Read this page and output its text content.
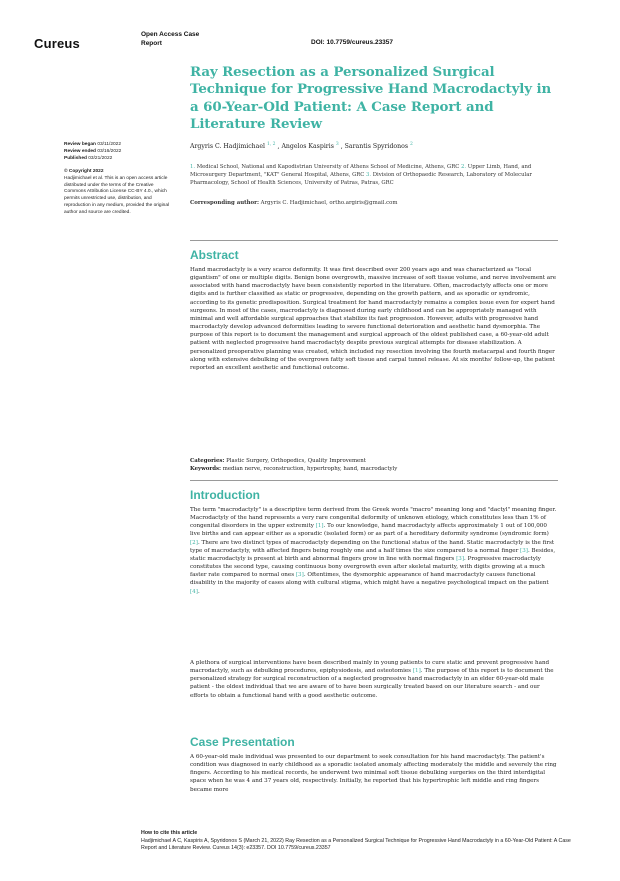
Cureus
Open Access Case
Report	DOI: 10.7759/cureus.23357
Review began 03/11/2022
Review ended 03/16/2022
Published 03/21/2022
© Copyright 2022
Hadjimichael et al. This is an open access article distributed under the terms of the Creative Commons Attribution License CC-BY 4.0., which permits unrestricted use, distribution, and reproduction in any medium, provided the original author and source are credited.
Ray Resection as a Personalized Surgical Technique for Progressive Hand Macrodactyly in a 60-Year-Old Patient: A Case Report and Literature Review
Argyris C. Hadjimichael $^{1, 2}$ , Angelos Kaspiris $^3$ , Sarantis Spyridonos $^2$
1. Medical School, National and Kapodistrian University of Athens School of Medicine, Athens, GRC 2. Upper Limb, Hand, and Microsurgery Department, "KAT" General Hospital, Athens, GRC 3. Division of Orthopaedic Research, Laboratory of Molecular Pharmacology, School of Health Sciences, University of Patras, Patras, GRC
Corresponding author: Argyris C. Hadjimichael, ortho.argiris@gmail.com
Abstract
Hand macrodactyly is a very scarce deformity. It was first described over 200 years ago and was characterized as "local gigantism" of one or multiple digits. Benign bone overgrowth, massive increase of soft tissue volume, and nerve involvement are associated with hand macrodactyly have been consistently reported in the literature. Often, macrodactyly affects one or more digits and is further classified as static or progressive, depending on the growth pattern, and as sporadic or syndromic, according to its genetic predisposition. Surgical treatment for hand macrodactyly remains a complex issue even for expert hand surgeons. In most of the cases, macrodactyly is diagnosed during early childhood and can be appropriately managed with minimal and well affordable surgical approaches that stabilize its fast progression. However, adults with progressive hand macrodactyly develop advanced deformities leading to severe functional deterioration and aesthetic hand dysmorphia. The purpose of this report is to document the management and surgical approach of the oldest published case, a 60-year-old adult patient with neglected progressive hand macrodactyly despite previous surgical attempts for disease stabilization. A personalized preoperative planning was created, which included ray resection involving the fourth metacarpal and fourth finger along with extensive debulking of the overgrown fatty soft tissue and carpal tunnel release. At six months' follow-up, the patient reported an excellent aesthetic and functional outcome.
Categories: Plastic Surgery, Orthopedics, Quality Improvement
Keywords: median nerve, reconstruction, hypertrophy, hand, macrodactyly
Introduction
The term "macrodactyly" is a descriptive term derived from the Greek words "macro" meaning long and "dactyl" meaning finger. Macrodactyly of the hand represents a very rare congenital deformity of unknown etiology, which constitutes less than 1% of congenital disorders in the upper extremity [1]. To our knowledge, hand macrodactyly affects approximately 1 out of 100,000 live births and can appear either as a sporadic (isolated form) or as part of a hereditary deformity syndrome (syndromic form) [2]. There are two distinct types of macrodactyly depending on the functional status of the hand. Static macrodactyly is the first type of macrodactyly, with affected fingers being roughly one and a half times the size compared to a normal finger [3]. Besides, static macrodactyly is present at birth and abnormal fingers grow in line with normal fingers [3]. Progressive macrodactyly constitutes the second type, causing continuous bony overgrowth even after skeletal maturity, with digits growing at a much faster rate compared to normal ones [3]. Oftentimes, the dysmorphic appearance of hand macrodactyly causes functional disability in the majority of cases along with cultural stigma, which might have a negative psychological impact on the patient [4].
A plethora of surgical interventions have been described mainly in young patients to cure static and prevent progressive hand macrodactyly, such as debulking procedures, epiphysiodesis, and osteotomies [1]. The purpose of this report is to document the personalized strategy for surgical reconstruction of a neglected progressive hand macrodactyly in an elder 60-year-old male patient - the oldest individual that we are aware of to have been surgically treated based on our literature search - and our efforts to obtain a functional hand with a good aesthetic outcome.
Case Presentation
A 60-year-old male individual was presented to our department to seek consultation for his hand macrodactyly. The patient's condition was diagnosed in early childhood as a sporadic isolated anomaly affecting moderately the middle and severely the ring fingers. According to his medical records, he underwent two minimal soft tissue debulking surgeries on the third interdigital space when he was 4 and 37 years old, respectively. Initially, he reported that his hypertrophic left middle and ring fingers became more
How to cite this article
Hadjimichael A C, Kaspiris A, Spyridonos S (March 21, 2022) Ray Resection as a Personalized Surgical Technique for Progressive Hand Macrodactyly in a 60-Year-Old Patient: A Case Report and Literature Review. Cureus 14(3): e23357. DOI 10.7759/cureus.23357
